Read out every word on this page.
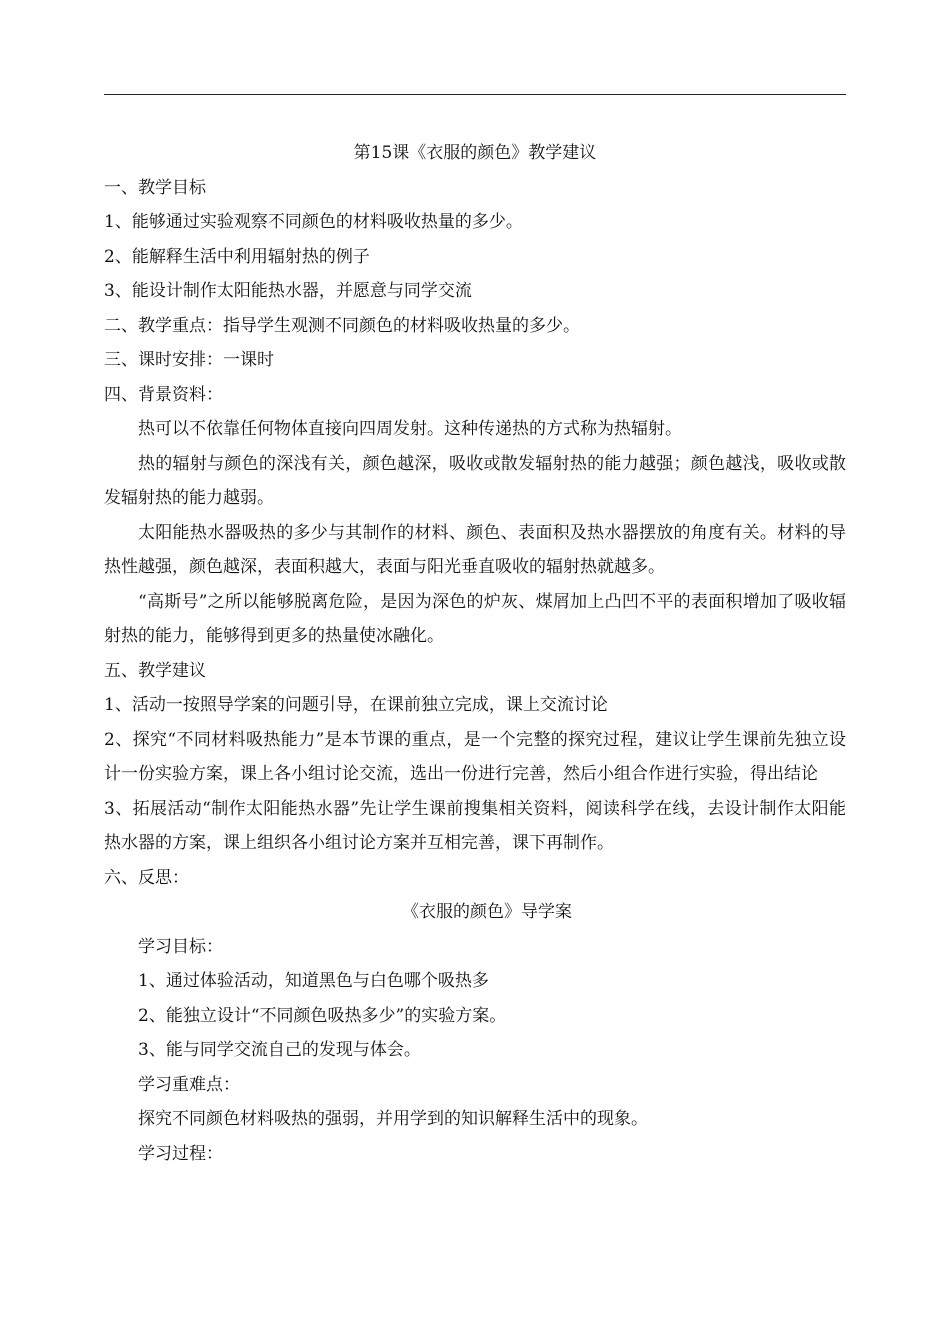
第15课《衣服的颜色》教学建议
一、教学目标
1、能够通过实验观察不同颜色的材料吸收热量的多少。
2、能解释生活中利用辐射热的例子
3、能设计制作太阳能热水器，并愿意与同学交流
二、教学重点：指导学生观测不同颜色的材料吸收热量的多少。
三、课时安排：一课时
四、背景资料：
热可以不依靠任何物体直接向四周发射。这种传递热的方式称为热辐射。
热的辐射与颜色的深浅有关，颜色越深，吸收或散发辐射热的能力越强；颜色越浅，吸收或散发辐射热的能力越弱。
太阳能热水器吸热的多少与其制作的材料、颜色、表面积及热水器摆放的角度有关。材料的导热性越强，颜色越深，表面积越大，表面与阳光垂直吸收的辐射热就越多。
“高斯号”之所以能够脱离危险，是因为深色的炉灰、煤屑加上凸凹不平的表面积增加了吸收辐射热的能力，能够得到更多的热量使冰融化。
五、教学建议
1、活动一按照导学案的问题引导，在课前独立完成，课上交流讨论
2、探究“不同材料吸热能力”是本节课的重点，是一个完整的探究过程，建议让学生课前先独立设计一份实验方案，课上各小组讨论交流，选出一份进行完善，然后小组合作进行实验，得出结论
3、拓展活动“制作太阳能热水器”先让学生课前搜集相关资料，阅读科学在线，去设计制作太阳能热水器的方案，课上组织各小组讨论方案并互相完善，课下再制作。
六、反思：
《衣服的颜色》导学案
学习目标：
1、通过体验活动，知道黑色与白色哪个吸热多
2、能独立设计“不同颜色吸热多少”的实验方案。
3、能与同学交流自己的发现与体会。
学习重难点：
探究不同颜色材料吸热的强弱，并用学到的知识解释生活中的现象。
学习过程：
